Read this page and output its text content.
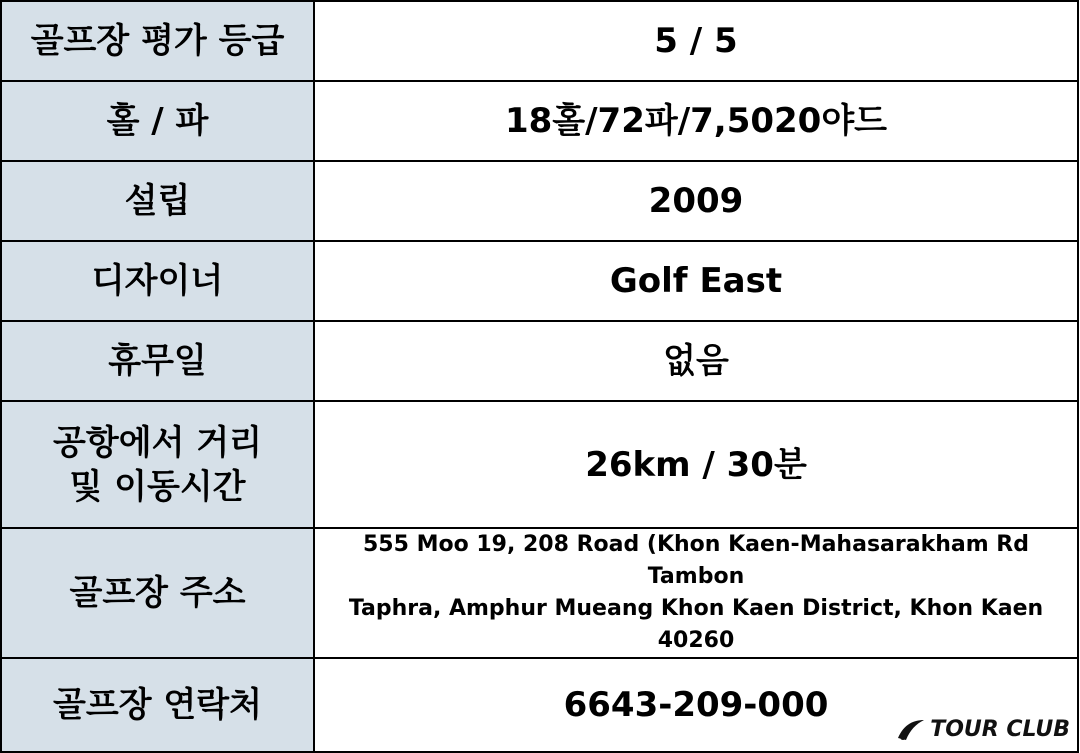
골프장 평가 등급	5 / 5
홀 / 파	18홀/72파/7,5020야드
설립	2009
디자이너	Golf East
휴무일	없음
공항에서 거리
및 이동시간	26km / 30분
골프장 주소	555 Moo 19, 208 Road (Khon Kaen-Mahasarakham Rd Tambon
Taphra, Amphur Mueang Khon Kaen District, Khon Kaen 40260
골프장 연락처	6643-209-000
TOUR CLUB
